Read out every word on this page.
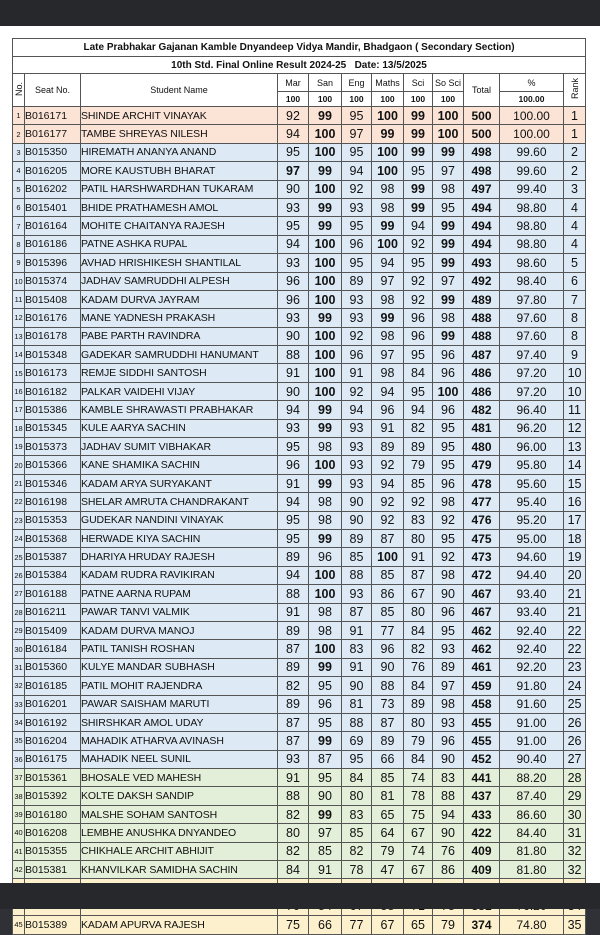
Late Prabhakar Gajanan Kamble Dnyandeep Vidya Mandir, Bhadgaon ( Secondary Section)											
10th Std. Final Online Result 2024-25 Date: 13/5/2025											
No.	Seat No.	Student Name	Mar	San	Eng	Maths	Sci	So Sci	Total	%	Rank
			100	100	100	100	100	100		100.00	
1	B016171	SHINDE ARCHIT VINAYAK	92	99	95	100	99	100	500	100.00	1
2	B016177	TAMBE SHREYAS NILESH	94	100	97	99	99	100	500	100.00	1
3	B015350	HIREMATH ANANYA ANAND	95	100	95	100	99	99	498	99.60	2
4	B016205	MORE KAUSTUBH BHARAT	97	99	94	100	95	97	498	99.60	2
5	B016202	PATIL HARSHWARDHAN TUKARAM	90	100	92	98	99	98	497	99.40	3
6	B015401	BHIDE PRATHAMESH AMOL	93	99	93	98	99	95	494	98.80	4
7	B016164	MOHITE CHAITANYA RAJESH	95	99	95	99	94	99	494	98.80	4
8	B016186	PATNE ASHKA RUPAL	94	100	96	100	92	99	494	98.80	4
9	B015396	AVHAD HRISHIKESH SHANTILAL	93	100	95	94	95	99	493	98.60	5
10	B015374	JADHAV SAMRUDDHI ALPESH	96	100	89	97	92	97	492	98.40	6
11	B015408	KADAM DURVA JAYRAM	96	100	93	98	92	99	489	97.80	7
12	B016176	MANE YADNESH PRAKASH	93	99	93	99	96	98	488	97.60	8
13	B016178	PABE PARTH RAVINDRA	90	100	92	98	96	99	488	97.60	8
14	B015348	GADEKAR SAMRUDDHI HANUMANT	88	100	96	97	95	96	487	97.40	9
15	B016173	REMJE SIDDHI SANTOSH	91	100	91	98	84	96	486	97.20	10
16	B016182	PALKAR VAIDEHI VIJAY	90	100	92	94	95	100	486	97.20	10
17	B015386	KAMBLE SHRAWASTI PRABHAKAR	94	99	94	96	94	96	482	96.40	11
18	B015345	KULE AARYA SACHIN	93	99	93	91	82	95	481	96.20	12
19	B015373	JADHAV SUMIT VIBHAKAR	95	98	93	89	89	95	480	96.00	13
20	B015366	KANE SHAMIKA SACHIN	96	100	93	92	79	95	479	95.80	14
21	B015346	KADAM ARYA SURYAKANT	91	99	93	94	85	96	478	95.60	15
22	B016198	SHELAR AMRUTA CHANDRAKANT	94	98	90	92	92	98	477	95.40	16
23	B015353	GUDEKAR NANDINI VINAYAK	95	98	90	92	83	92	476	95.20	17
24	B015368	HERWADE KIYA SACHIN	95	99	89	87	80	95	475	95.00	18
25	B015387	DHARIYA HRUDAY RAJESH	89	96	85	100	91	92	473	94.60	19
26	B015384	KADAM RUDRA RAVIKIRAN	94	100	88	85	87	98	472	94.40	20
27	B016188	PATNE AARNA RUPAM	88	100	93	86	67	90	467	93.40	21
28	B016211	PAWAR TANVI VALMIK	91	98	87	85	80	96	467	93.40	21
29	B015409	KADAM DURVA MANOJ	89	98	91	77	84	95	462	92.40	22
30	B016184	PATIL TANISH ROSHAN	87	100	83	96	82	93	462	92.40	22
31	B015360	KULYE MANDAR SUBHASH	89	99	91	90	76	89	461	92.20	23
32	B016185	PATIL MOHIT RAJENDRA	82	95	90	88	84	97	459	91.80	24
33	B016201	PAWAR SAISHAM MARUTI	89	96	81	73	89	98	458	91.60	25
34	B016192	SHIRSHKAR AMOL UDAY	87	95	88	87	80	93	455	91.00	26
35	B016204	MAHADIK ATHARVA AVINASH	87	99	69	89	79	96	455	91.00	26
36	B016175	MAHADIK NEEL SUNIL	93	87	95	66	84	90	452	90.40	27
37	B015361	BHOSALE VED MAHESH	91	95	84	85	74	83	441	88.20	28
38	B015392	KOLTE DAKSH SANDIP	88	90	80	81	78	88	437	87.40	29
39	B016180	MALSHE SOHAM SANTOSH	82	99	83	65	75	94	433	86.60	30
40	B016208	LEMBHE ANUSHKA DNYANDEO	80	97	85	64	67	90	422	84.40	31
41	B015355	CHIKHALE ARCHIT ABHIJIT	82	85	82	79	74	76	409	81.80	32
42	B015381	KHANVILKAR SAMIDHA SACHIN	84	91	78	47	67	86	409	81.80	32

45	B015389	KADAM APURVA RAJESH	75	66	77	67	65	79	374	74.80	35
